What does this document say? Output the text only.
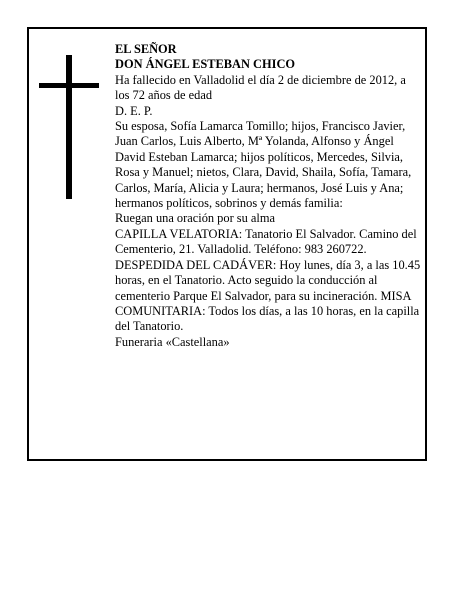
EL SEÑOR

DON ÁNGEL ESTEBAN CHICO

Ha fallecido en Valladolid el día 2 de diciembre de 2012, a los 72 años de edad

D. E. P.

Su esposa, Sofía Lamarca Tomillo; hijos, Francisco Javier, Juan Carlos, Luis Alberto, Mª Yolanda, Alfonso y Ángel David Esteban Lamarca; hijos políticos, Mercedes, Silvia, Rosa y Manuel; nietos, Clara, David, Shaila, Sofía, Tamara, Carlos, María, Alicia y Laura; hermanos, José Luis y Ana; hermanos políticos, sobrinos y demás familia:

Ruegan una oración por su alma

CAPILLA VELATORIA: Tanatorio El Salvador. Camino del Cementerio, 21. Valladolid. Teléfono: 983 260722.

DESPEDIDA DEL CADÁVER: Hoy lunes, día 3, a las 10.45 horas, en el Tanatorio. Acto seguido la conducción al cementerio Parque El Salvador, para su incineración. MISA COMUNITARIA: Todos los días, a las 10 horas, en la capilla del Tanatorio.

Funeraria «Castellana»
